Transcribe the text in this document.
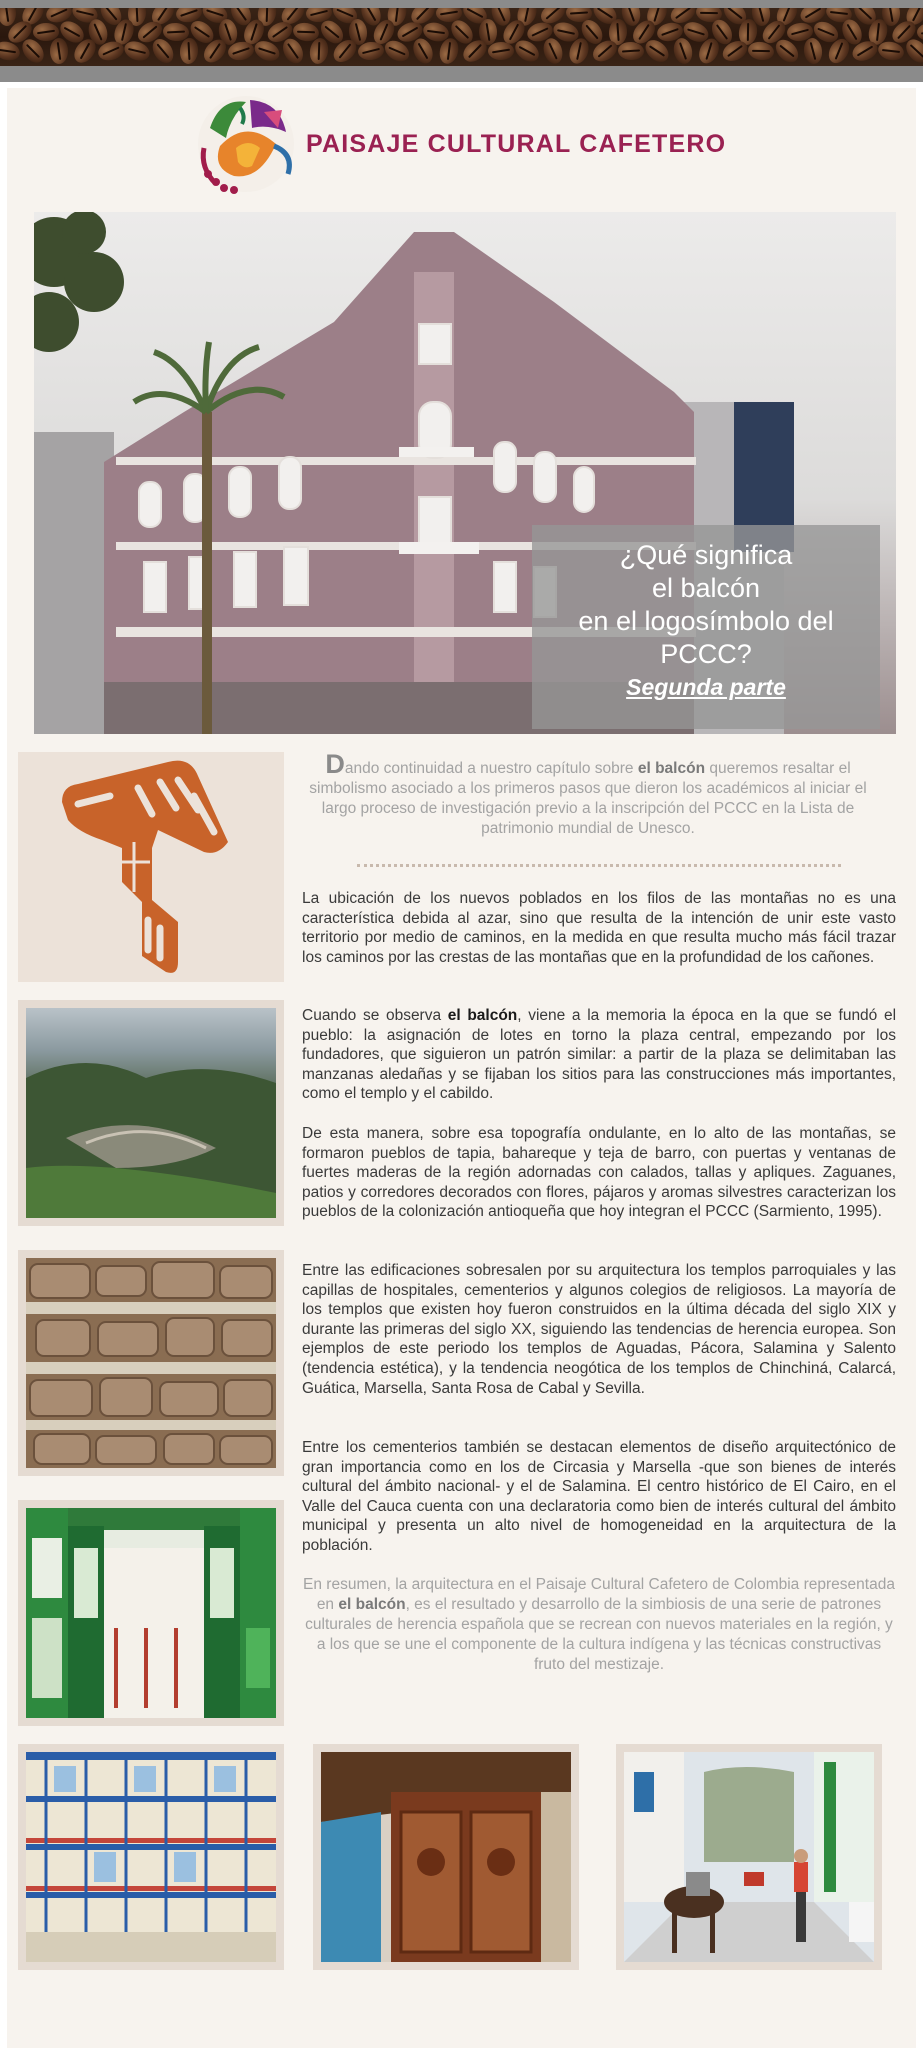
PAISAJE CULTURAL CAFETERO
¿Qué significa
el balcón
en el logosímbolo del
PCCC?
Segunda parte
Dando continuidad a nuestro capítulo sobre el balcón queremos resaltar el simbolismo asociado a los primeros pasos que dieron los académicos al iniciar el largo proceso de investigación previo a la inscripción del PCCC en la Lista de patrimonio mundial de Unesco.
La ubicación de los nuevos poblados en los filos de las montañas no es una característica debida al azar, sino que resulta de la intención de unir este vasto territorio por medio de caminos, en la medida en que resulta mucho más fácil trazar los caminos por las crestas de las montañas que en la profundidad de los cañones.
Cuando se observa el balcón, viene a la memoria la época en la que se fundó el pueblo: la asignación de lotes en torno la plaza central, empezando por los fundadores, que siguieron un patrón similar: a partir de la plaza se delimitaban las manzanas aledañas y se fijaban los sitios para las construcciones más importantes, como el templo y el cabildo.
De esta manera, sobre esa topografía ondulante, en lo alto de las montañas, se formaron pueblos de tapia, bahareque y teja de barro, con puertas y ventanas de fuertes maderas de la región adornadas con calados, tallas y apliques. Zaguanes, patios y corredores decorados con flores, pájaros y aromas silvestres caracterizan los pueblos de la colonización antioqueña que hoy integran el PCCC (Sarmiento, 1995).
Entre las edificaciones sobresalen por su arquitectura los templos parroquiales y las capillas de hospitales, cementerios y algunos colegios de religiosos. La mayoría de los templos que existen hoy fueron construidos en la última década del siglo XIX y durante las primeras del siglo XX, siguiendo las tendencias de herencia europea. Son ejemplos de este periodo los templos de Aguadas, Pácora, Salamina y Salento (tendencia estética), y la tendencia neogótica de los templos de Chinchiná, Calarcá, Guática, Marsella, Santa Rosa de Cabal y Sevilla.
Entre los cementerios también se destacan elementos de diseño arquitectónico de gran importancia como en los de Circasia y Marsella -que son bienes de interés cultural del ámbito nacional- y el de Salamina. El centro histórico de El Cairo, en el Valle del Cauca cuenta con una declaratoria como bien de interés cultural del ámbito municipal y presenta un alto nivel de homogeneidad en la arquitectura de la población.
En resumen, la arquitectura en el Paisaje Cultural Cafetero de Colombia representada en el balcón, es el resultado y desarrollo de la simbiosis de una serie de patrones culturales de herencia española que se recrean con nuevos materiales en la región, y a los que se une el componente de la cultura indígena y las técnicas constructivas fruto del mestizaje.
